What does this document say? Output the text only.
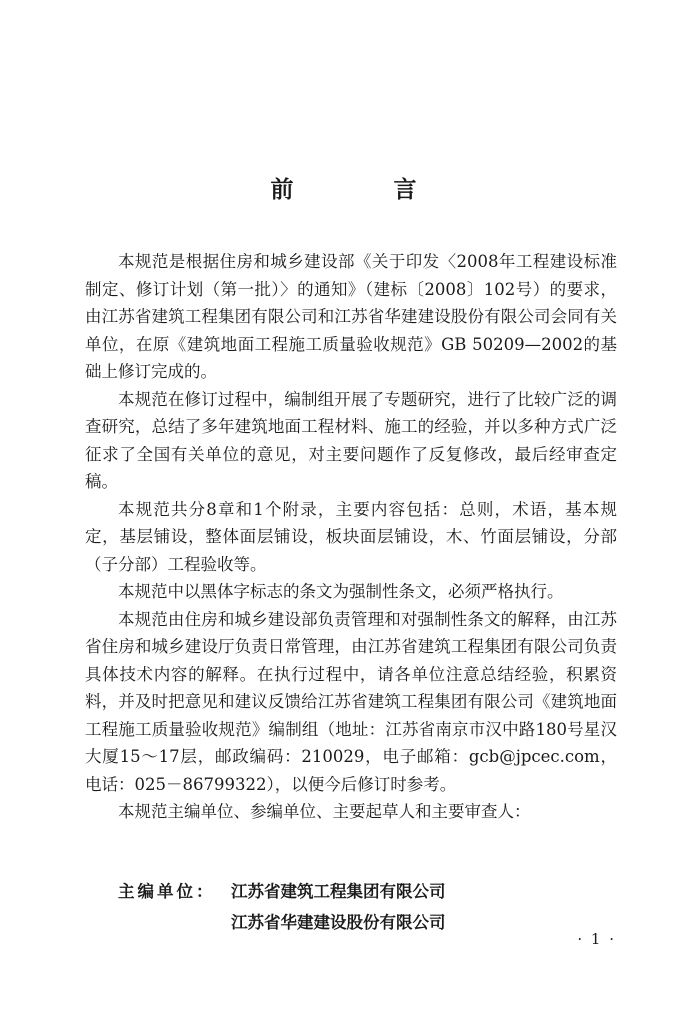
前 言

本规范是根据住房和城乡建设部《关于印发〈2008年工程建设标准制定、修订计划（第一批）〉的通知》（建标〔2008〕102号）的要求，由江苏省建筑工程集团有限公司和江苏省华建建设股份有限公司会同有关单位，在原《建筑地面工程施工质量验收规范》GB 50209—2002的基础上修订完成的。

本规范在修订过程中，编制组开展了专题研究，进行了比较广泛的调查研究，总结了多年建筑地面工程材料、施工的经验，并以多种方式广泛征求了全国有关单位的意见，对主要问题作了反复修改，最后经审查定稿。

本规范共分8章和1个附录，主要内容包括：总则，术语，基本规定，基层铺设，整体面层铺设，板块面层铺设，木、竹面层铺设，分部（子分部）工程验收等。

本规范中以黑体字标志的条文为强制性条文，必须严格执行。

本规范由住房和城乡建设部负责管理和对强制性条文的解释，由江苏省住房和城乡建设厅负责日常管理，由江苏省建筑工程集团有限公司负责具体技术内容的解释。在执行过程中，请各单位注意总结经验，积累资料，并及时把意见和建议反馈给江苏省建筑工程集团有限公司《建筑地面工程施工质量验收规范》编制组（地址：江苏省南京市汉中路180号星汉大厦15～17层，邮政编码：210029，电子邮箱：gcb@jpcec.com，电话：025－86799322），以便今后修订时参考。

本规范主编单位、参编单位、主要起草人和主要审查人：

主编单位： 江苏省建筑工程集团有限公司
江苏省华建建设股份有限公司
· 1 ·
